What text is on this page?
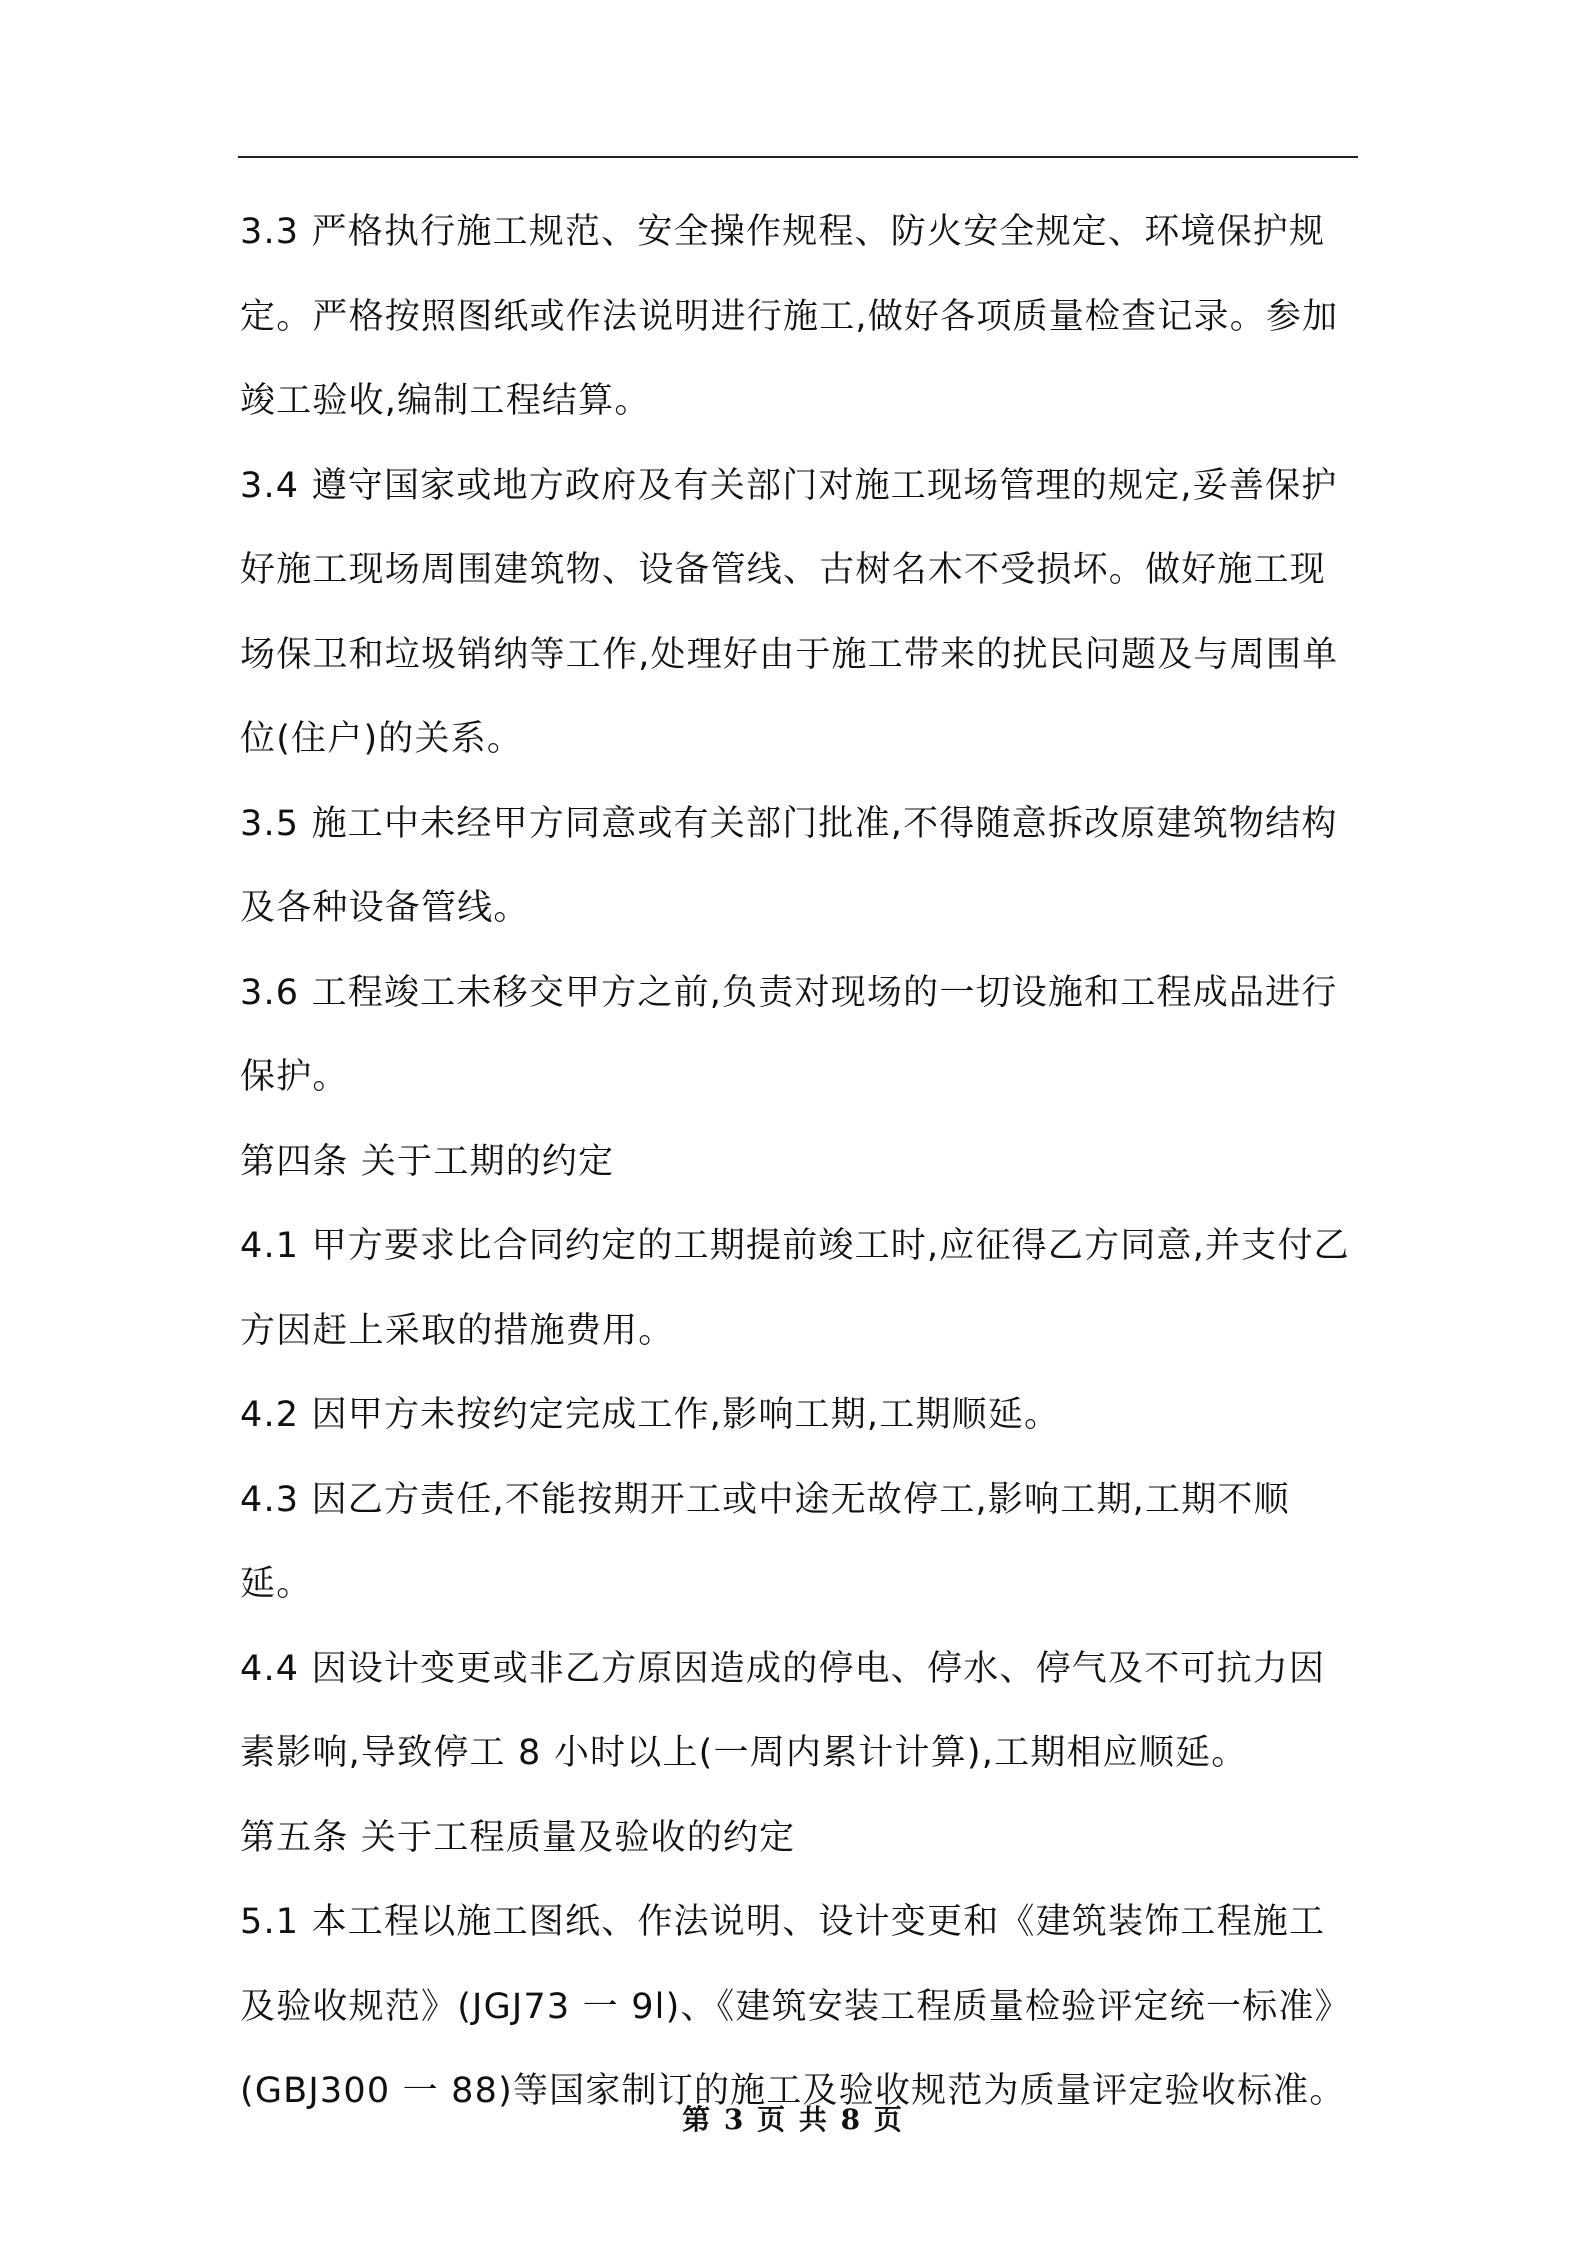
3.3 严格执行施工规范、安全操作规程、防火安全规定、环境保护规定。严格按照图纸或作法说明进行施工,做好各项质量检查记录。参加竣工验收,编制工程结算。

3.4 遵守国家或地方政府及有关部门对施工现场管理的规定,妥善保护好施工现场周围建筑物、设备管线、古树名木不受损坏。做好施工现场保卫和垃圾销纳等工作,处理好由于施工带来的扰民问题及与周围单位(住户)的关系。

3.5 施工中未经甲方同意或有关部门批准,不得随意拆改原建筑物结构及各种设备管线。

3.6 工程竣工未移交甲方之前,负责对现场的一切设施和工程成品进行保护。

第四条 关于工期的约定

4.1 甲方要求比合同约定的工期提前竣工时,应征得乙方同意,并支付乙方因赶上采取的措施费用。

4.2 因甲方未按约定完成工作,影响工期,工期顺延。

4.3 因乙方责任,不能按期开工或中途无故停工,影响工期,工期不顺延。

4.4 因设计变更或非乙方原因造成的停电、停水、停气及不可抗力因素影响,导致停工 8 小时以上(一周内累计计算),工期相应顺延。

第五条 关于工程质量及验收的约定

5.1 本工程以施工图纸、作法说明、设计变更和《建筑装饰工程施工及验收规范》(JGJ73 一 9l)、《建筑安装工程质量检验评定统一标准》(GBJ300 一 88)等国家制订的施工及验收规范为质量评定验收标准。

第 3 页 共 8 页
